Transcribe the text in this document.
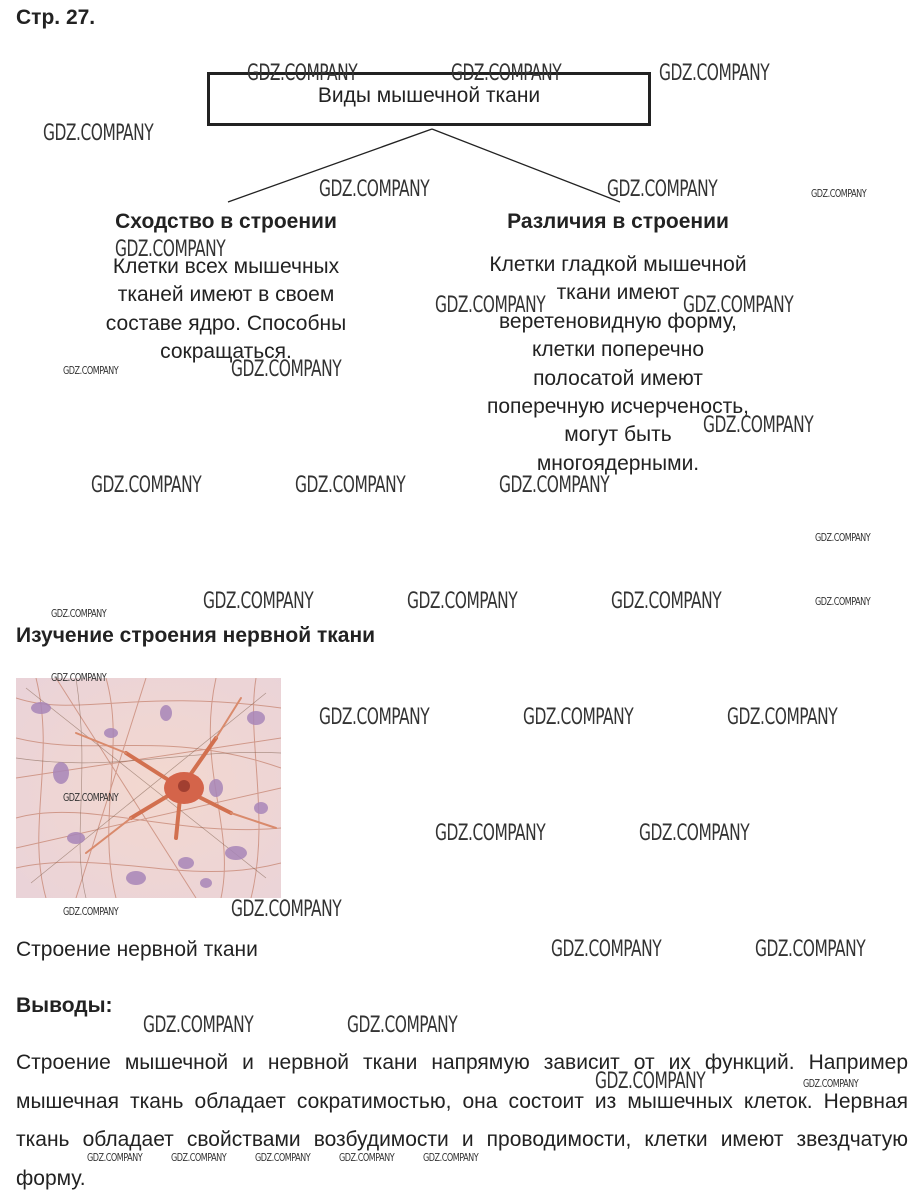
Стр. 27.
Виды мышечной ткани
Сходство в строении
Клетки всех мышечных
тканей имеют в своем
составе ядро. Способны
сокращаться.
Различия в строении
Клетки гладкой мышечной
ткани имеют
веретеновидную форму,
клетки поперечно
полосатой имеют
поперечную исчерченость,
могут быть
многоядерными.
Изучение строения нервной ткани
Строение нервной ткани
Выводы:
Строение мышечной и нервной ткани напрямую зависит от их функций. Например мышечная ткань обладает сократимостью, она состоит из мышечных клеток. Нервная ткань обладает свойствами возбудимости и проводимости, клетки имеют звездчатую форму.
GDZ.COMPANY	GDZ.COMPANY	GDZ.COMPANY
GDZ.COMPANY
GDZ.COMPANY	GDZ.COMPANY	GDZ.COMPANY
GDZ.COMPANY
GDZ.COMPANY	GDZ.COMPANY
GDZ.COMPANY	GDZ.COMPANY
GDZ.COMPANY
GDZ.COMPANY	GDZ.COMPANY	GDZ.COMPANY
GDZ.COMPANY
GDZ.COMPANY	GDZ.COMPANY	GDZ.COMPANY	GDZ.COMPANY
GDZ.COMPANY
GDZ.COMPANY
GDZ.COMPANY	GDZ.COMPANY	GDZ.COMPANY
GDZ.COMPANY
GDZ.COMPANY	GDZ.COMPANY
GDZ.COMPANY	GDZ.COMPANY
GDZ.COMPANY	GDZ.COMPANY
GDZ.COMPANY	GDZ.COMPANY
GDZ.COMPANY	GDZ.COMPANY
GDZ.COMPANY	GDZ.COMPANY	GDZ.COMPANY	GDZ.COMPANY	GDZ.COMPANY
